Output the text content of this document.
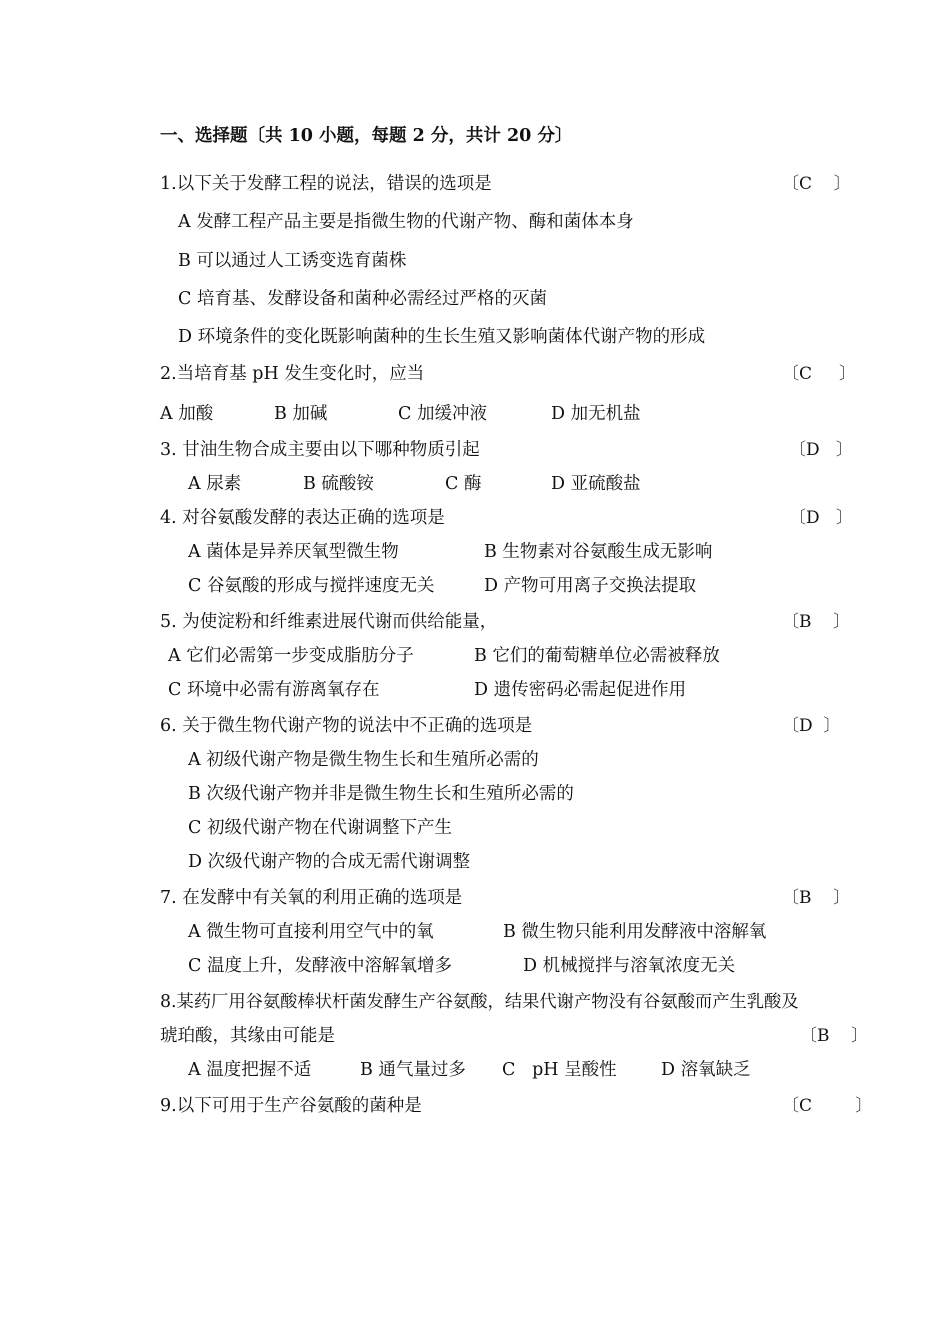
一、选择题〔共 10 小题，每题 2 分，共计 20 分〕
1.以下关于发酵工程的说法，错误的选项是	〔C    〕
A 发酵工程产品主要是指微生物的代谢产物、酶和菌体本身
B 可以通过人工诱变选育菌株
C 培育基、发酵设备和菌种必需经过严格的灭菌
D 环境条件的变化既影响菌种的生长生殖又影响菌体代谢产物的形成
2.当培育基 pH 发生变化时，应当	〔C     〕
A 加酸	B 加碱	C 加缓冲液	D 加无机盐
3. 甘油生物合成主要由以下哪种物质引起	〔D   〕
A 尿素	B 硫酸铵	C 酶	D 亚硫酸盐
4. 对谷氨酸发酵的表达正确的选项是	〔D   〕
A 菌体是异养厌氧型微生物	B 生物素对谷氨酸生成无影响
C 谷氨酸的形成与搅拌速度无关	D 产物可用离子交换法提取
5. 为使淀粉和纤维素进展代谢而供给能量，	〔B    〕
A 它们必需第一步变成脂肪分子	B 它们的葡萄糖单位必需被释放
C 环境中必需有游离氧存在	D 遗传密码必需起促进作用
6. 关于微生物代谢产物的说法中不正确的选项是	〔D  〕
A 初级代谢产物是微生物生长和生殖所必需的
B 次级代谢产物并非是微生物生长和生殖所必需的
C 初级代谢产物在代谢调整下产生
D 次级代谢产物的合成无需代谢调整
7. 在发酵中有关氧的利用正确的选项是	〔B    〕
A 微生物可直接利用空气中的氧	B 微生物只能利用发酵液中溶解氧
C 温度上升，发酵液中溶解氧增多	D 机械搅拌与溶氧浓度无关
8.某药厂用谷氨酸棒状杆菌发酵生产谷氨酸，结果代谢产物没有谷氨酸而产生乳酸及
琥珀酸，其缘由可能是	〔B    〕
A 温度把握不适	B 通气量过多 C   pH 呈酸性	D 溶氧缺乏
9.以下可用于生产谷氨酸的菌种是	〔C        〕
